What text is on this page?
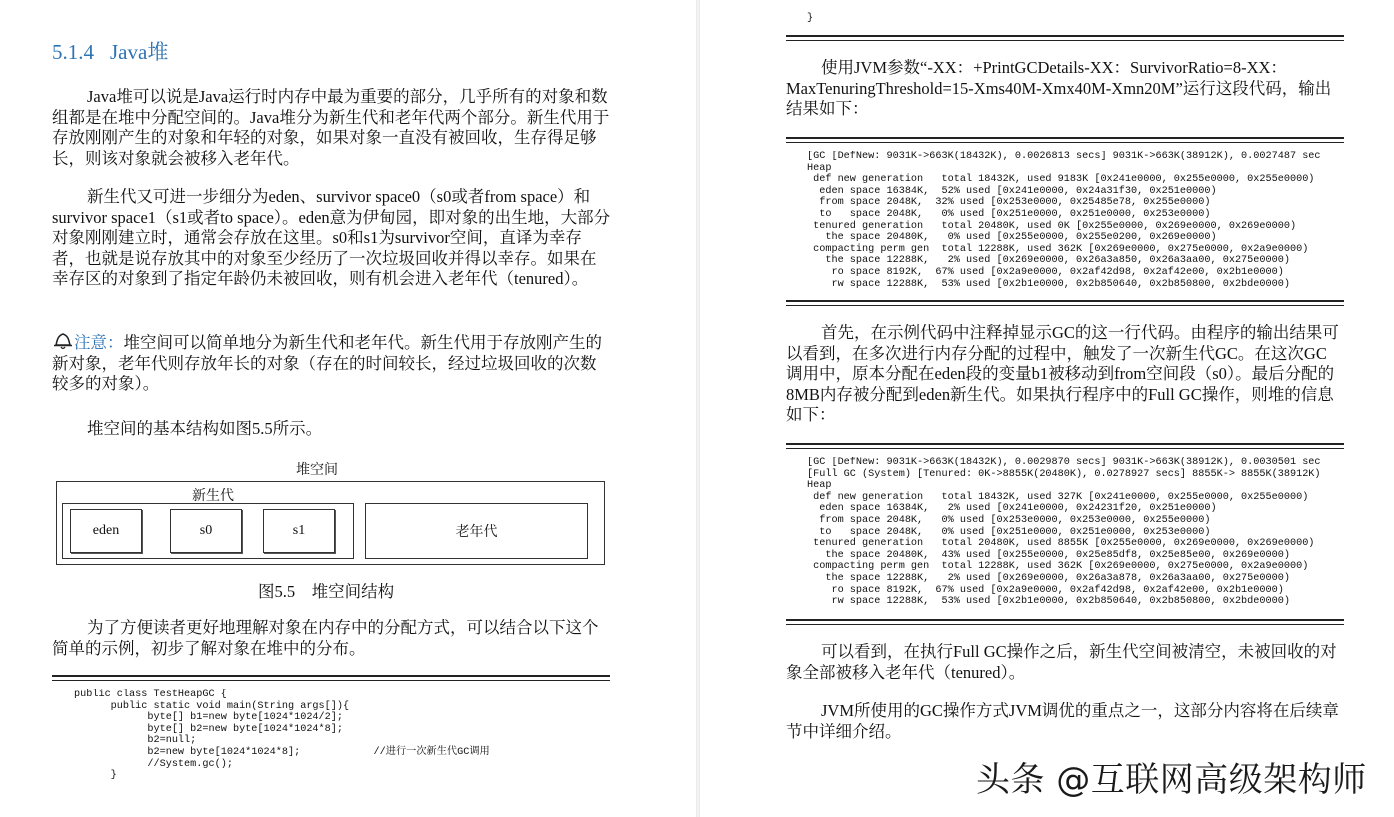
5.1.4 Java堆

Java堆可以说是Java运行时内存中最为重要的部分，几乎所有的对象和数组都是在堆中分配空间的。Java堆分为新生代和老年代两个部分。新生代用于存放刚刚产生的对象和年轻的对象，如果对象一直没有被回收，生存得足够长，则该对象就会被移入老年代。

新生代又可进一步细分为eden、survivor space0（s0或者from space）和survivor space1（s1或者to space）。eden意为伊甸园，即对象的出生地，大部分对象刚刚建立时，通常会存放在这里。s0和s1为survivor空间，直译为幸存者，也就是说存放其中的对象至少经历了一次垃圾回收并得以幸存。如果在幸存区的对象到了指定年龄仍未被回收，则有机会进入老年代（tenured）。

注意：堆空间可以简单地分为新生代和老年代。新生代用于存放刚产生的新对象，老年代则存放年长的对象（存在的时间较长，经过垃圾回收的次数较多的对象）。

堆空间的基本结构如图5.5所示。

堆空间
新生代
eden	s0	s1	老年代
图5.5    堆空间结构

为了方便读者更好地理解对象在内存中的分配方式，可以结合以下这个简单的示例，初步了解对象在堆中的分布。

public class TestHeapGC {
public static void main(String args[]){
byte[] b1=new byte[1024*1024/2];
byte[] b2=new byte[1024*1024*8];
b2=null;
b2=new byte[1024*1024*8];            //进行一次新生代GC调用
//System.gc();
}
}

使用JVM参数“-XX：+PrintGCDetails-XX：SurvivorRatio=8-XX：MaxTenuringThreshold=15-Xms40M-Xmx40M-Xmn20M”运行这段代码，输出结果如下：

[GC [DefNew: 9031K->663K(18432K), 0.0026813 secs] 9031K->663K(38912K), 0.0027487 sec
Heap
def new generation   total 18432K, used 9183K [0x241e0000, 0x255e0000, 0x255e0000)
eden space 16384K,  52% used [0x241e0000, 0x24a31f30, 0x251e0000)
from space 2048K,  32% used [0x253e0000, 0x25485e78, 0x255e0000)
to   space 2048K,   0% used [0x251e0000, 0x251e0000, 0x253e0000)
tenured generation   total 20480K, used 0K [0x255e0000, 0x269e0000, 0x269e0000)
the space 20480K,   0% used [0x255e0000, 0x255e0200, 0x269e0000)
compacting perm gen  total 12288K, used 362K [0x269e0000, 0x275e0000, 0x2a9e0000)
the space 12288K,   2% used [0x269e0000, 0x26a3a850, 0x26a3aa00, 0x275e0000)
ro space 8192K,  67% used [0x2a9e0000, 0x2af42d98, 0x2af42e00, 0x2b1e0000)
rw space 12288K,  53% used [0x2b1e0000, 0x2b850640, 0x2b850800, 0x2bde0000)

首先，在示例代码中注释掉显示GC的这一行代码。由程序的输出结果可以看到，在多次进行内存分配的过程中，触发了一次新生代GC。在这次GC调用中，原本分配在eden段的变量b1被移动到from空间段（s0）。最后分配的8MB内存被分配到eden新生代。如果执行程序中的Full GC操作，则堆的信息如下：

[GC [DefNew: 9031K->663K(18432K), 0.0029870 secs] 9031K->663K(38912K), 0.0030501 sec
[Full GC (System) [Tenured: 0K->8855K(20480K), 0.0278927 secs] 8855K-> 8855K(38912K)
Heap
def new generation   total 18432K, used 327K [0x241e0000, 0x255e0000, 0x255e0000)
eden space 16384K,   2% used [0x241e0000, 0x24231f20, 0x251e0000)
from space 2048K,   0% used [0x253e0000, 0x253e0000, 0x255e0000)
to   space 2048K,   0% used [0x251e0000, 0x251e0000, 0x253e0000)
tenured generation   total 20480K, used 8855K [0x255e0000, 0x269e0000, 0x269e0000)
the space 20480K,  43% used [0x255e0000, 0x25e85df8, 0x25e85e00, 0x269e0000)
compacting perm gen  total 12288K, used 362K [0x269e0000, 0x275e0000, 0x2a9e0000)
the space 12288K,   2% used [0x269e0000, 0x26a3a878, 0x26a3aa00, 0x275e0000)
ro space 8192K,  67% used [0x2a9e0000, 0x2af42d98, 0x2af42e00, 0x2b1e0000)
rw space 12288K,  53% used [0x2b1e0000, 0x2b850640, 0x2b850800, 0x2bde0000)

可以看到，在执行Full GC操作之后，新生代空间被清空，未被回收的对象全部被移入老年代（tenured）。

JVM所使用的GC操作方式JVM调优的重点之一，这部分内容将在后续章节中详细介绍。

头条 @互联网高级架构师
